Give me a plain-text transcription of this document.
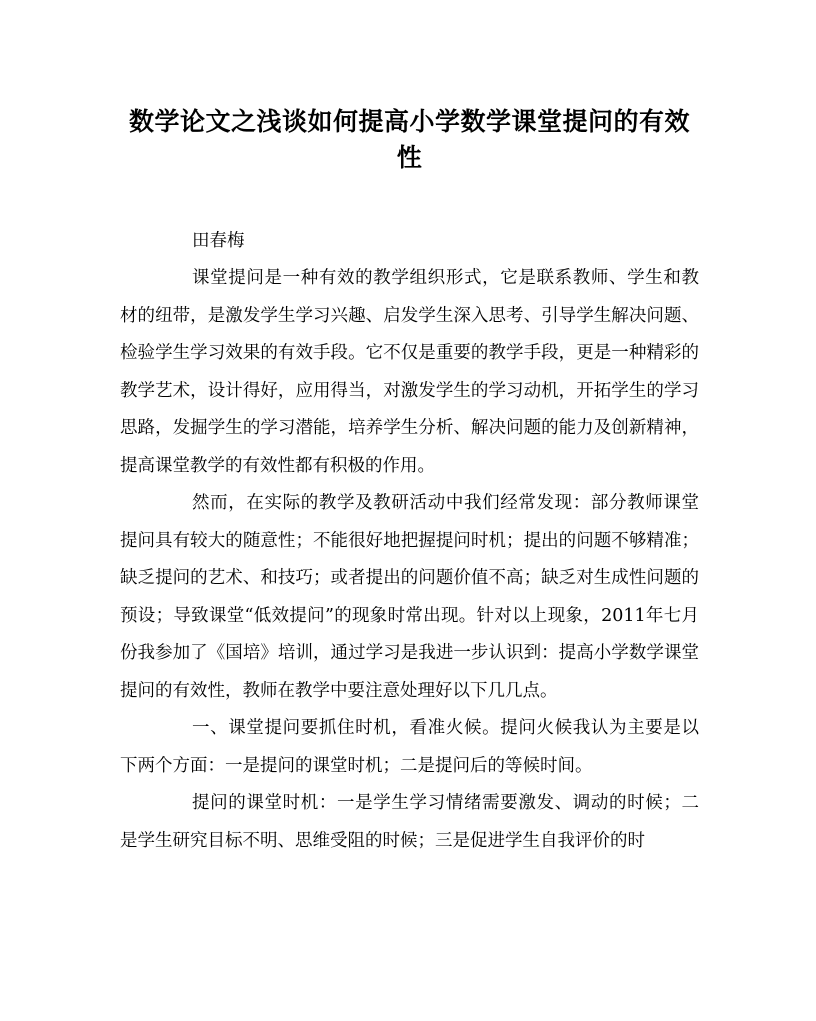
数学论文之浅谈如何提高小学数学课堂提问的有效性

田春梅

课堂提问是一种有效的教学组织形式，它是联系教师、学生和教材的纽带，是激发学生学习兴趣、启发学生深入思考、引导学生解决问题、检验学生学习效果的有效手段。它不仅是重要的教学手段，更是一种精彩的教学艺术，设计得好，应用得当，对激发学生的学习动机，开拓学生的学习思路，发掘学生的学习潜能，培养学生分析、解决问题的能力及创新精神，提高课堂教学的有效性都有积极的作用。

然而，在实际的教学及教研活动中我们经常发现：部分教师课堂提问具有较大的随意性；不能很好地把握提问时机；提出的问题不够精准；缺乏提问的艺术、和技巧；或者提出的问题价值不高；缺乏对生成性问题的预设；导致课堂“低效提问”的现象时常出现。针对以上现象，2011年七月份我参加了《国培》培训，通过学习是我进一步认识到：提高小学数学课堂提问的有效性，教师在教学中要注意处理好以下几几点。

一、课堂提问要抓住时机，看准火候。提问火候我认为主要是以下两个方面：一是提问的课堂时机；二是提问后的等候时间。

提问的课堂时机：一是学生学习情绪需要激发、调动的时候；二是学生研究目标不明、思维受阻的时候；三是促进学生自我评价的时
